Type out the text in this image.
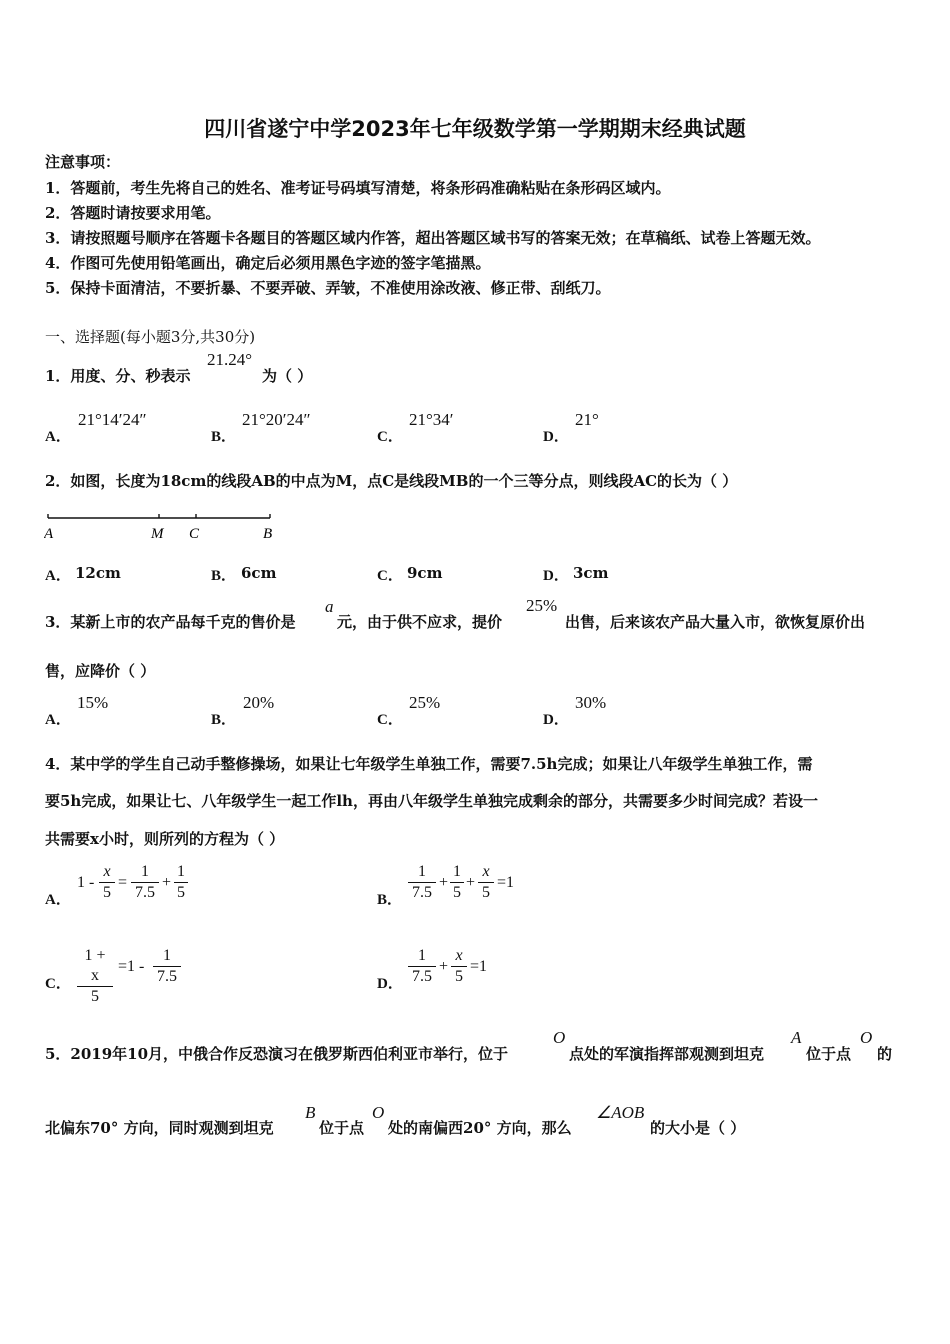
四川省遂宁中学2023年七年级数学第一学期期末经典试题
注意事项：
1．答题前，考生先将自己的姓名、准考证号码填写清楚，将条形码准确粘贴在条形码区域内。
2．答题时请按要求用笔。
3．请按照题号顺序在答题卡各题目的答题区域内作答，超出答题区域书写的答案无效；在草稿纸、试卷上答题无效。
4．作图可先使用铅笔画出，确定后必须用黑色字迹的签字笔描黑。
5．保持卡面清洁，不要折暴、不要弄破、弄皱，不准使用涂改液、修正带、刮纸刀。
一、选择题(每小题3分,共30分)
1．用度、分、秒表示
21.24°
为（ ）
A．
21°14′24″
B．
21°20′24″
C．
21°34′
D．
21°
2．如图，长度为18cm的线段AB的中点为M，点C是线段MB的一个三等分点，则线段AC的长为（ ）
A	M C	B
A． 12cm	B． 6cm	C． 9cm	D． 3cm
3．某新上市的农产品每千克的售价是
a
元，由于供不应求，提价
25%
出售，后来该农产品大量入市，欲恢复原价出
售，应降价（ ）
A．
15%
B．
20%
C．
25%
D．
30%
4．某中学的学生自己动手整修操场，如果让七年级学生单独工作，需要7.5h完成；如果让八年级学生单独工作，需
要5h完成，如果让七、八年级学生一起工作lh，再由八年级学生单独完成剩余的部分，共需要多少时间完成？若设一
共需要x小时，则所列的方程为（ ）
A．
1 -
x
5
=
1
7.5
+
1
5	B．
1
7.5
+
1
5
+
x
5
=1
C．
1 + x
5
=1 -
1
7.5	D．
1
7.5
+
x
5
=1
5．2019年10月，中俄合作反恐演习在俄罗斯西伯利亚市举行，位于
O
点处的军演指挥部观测到坦克
A
位于点
O
的
北偏东70° 方向，同时观测到坦克
B
位于点
O
处的南偏西20° 方向，那么
∠AOB
的大小是（ ）
